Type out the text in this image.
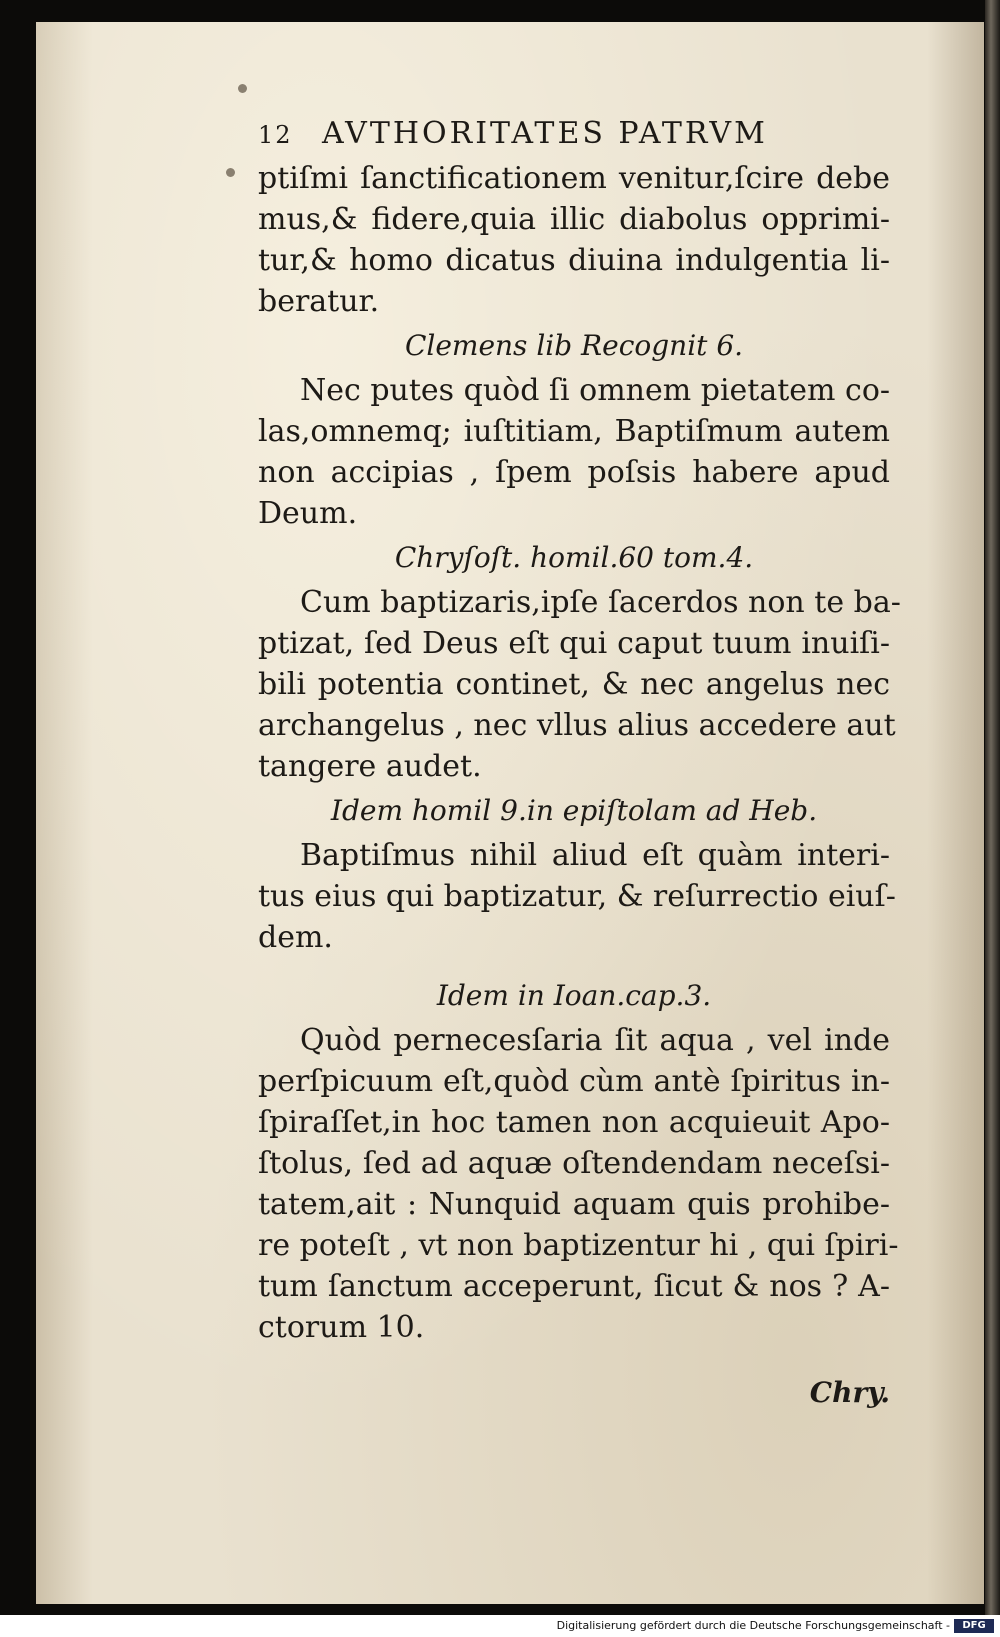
12 AVTHORITATES PATRVM
ptiſmi ſanctificationem venitur,ſcire debe
mus,& fidere,quia illic diabolus opprimi-
tur,& homo dicatus diuina indulgentia li-
beratur.
Clemens lib Recognit 6.
Nec putes quòd ſi omnem pietatem co-
las,omnemq; iuſtitiam, Baptiſmum autem
non accipias , ſpem poſsis habere apud
Deum.
Chryſoſt. homil.60 tom.4.
Cum baptizaris,ipſe ſacerdos non te ba-
ptizat, ſed Deus eſt qui caput tuum inuiſi-
bili potentia continet, & nec angelus nec
archangelus , nec vllus alius accedere aut
tangere audet.
Idem homil 9.in epiſtolam ad Heb.
Baptiſmus nihil aliud eſt quàm interi-
tus eius qui baptizatur, & reſurrectio eiuſ-
dem.
Idem in Ioan.cap.3.
Quòd pernecesſaria ſit aqua , vel inde
perſpicuum eſt,quòd cùm antè ſpiritus in-
ſpiraſſet,in hoc tamen non acquieuit Apo-
ſtolus, ſed ad aquæ oſtendendam neceſsi-
tatem,ait : Nunquid aquam quis prohibe-
re poteſt , vt non baptizentur hi , qui ſpiri-
tum ſanctum acceperunt, ſicut & nos ? A-
ctorum 10.
Chry.
Digitalisierung gefördert durch die Deutsche Forschungsgemeinschaft -	DFG
